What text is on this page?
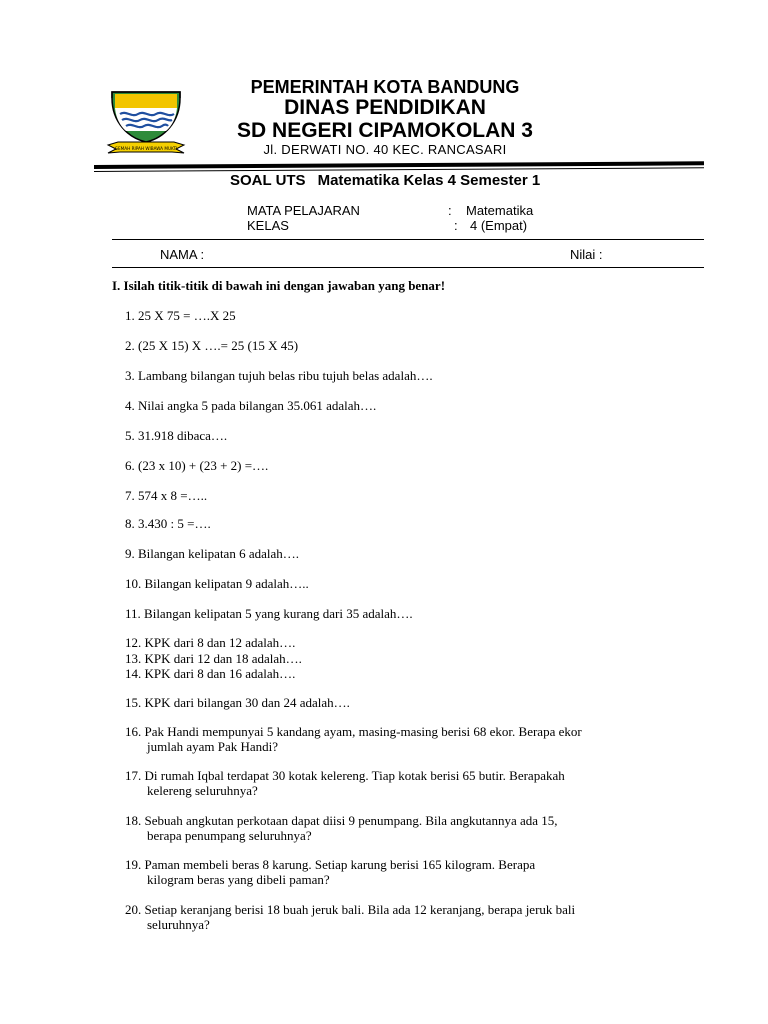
GEMAH RIPAH WIBAWA MUKTI
PEMERINTAH KOTA BANDUNG
DINAS PENDIDIKAN
SD NEGERI CIPAMOKOLAN 3
Jl. DERWATI NO. 40 KEC. RANCASARI
SOAL UTS Matematika Kelas 4 Semester 1
MATA PELAJARAN	: Matematika
KELAS	: 4 (Empat)
NAMA :	Nilai :
I. Isilah titik-titik di bawah ini dengan jawaban yang benar!
1. 25 X 75 = ….X 25
2. (25 X 15) X ….= 25 (15 X 45)
3. Lambang bilangan tujuh belas ribu tujuh belas adalah….
4. Nilai angka 5 pada bilangan 35.061 adalah….
5. 31.918 dibaca….
6. (23 x 10) + (23 + 2) =….
7. 574 x 8 =…..
8. 3.430 : 5 =….
9. Bilangan kelipatan 6 adalah….
10. Bilangan kelipatan 9 adalah…..
11. Bilangan kelipatan 5 yang kurang dari 35 adalah….
12. KPK dari 8 dan 12 adalah….
13. KPK dari 12 dan 18 adalah….
14. KPK dari 8 dan 16 adalah….
15. KPK dari bilangan 30 dan 24 adalah….
16. Pak Handi mempunyai 5 kandang ayam, masing-masing berisi 68 ekor. Berapa ekor
jumlah ayam Pak Handi?
17. Di rumah Iqbal terdapat 30 kotak kelereng. Tiap kotak berisi 65 butir. Berapakah
kelereng seluruhnya?
18. Sebuah angkutan perkotaan dapat diisi 9 penumpang. Bila angkutannya ada 15,
berapa penumpang seluruhnya?
19. Paman membeli beras 8 karung. Setiap karung berisi 165 kilogram. Berapa
kilogram beras yang dibeli paman?
20. Setiap keranjang berisi 18 buah jeruk bali. Bila ada 12 keranjang, berapa jeruk bali
seluruhnya?
